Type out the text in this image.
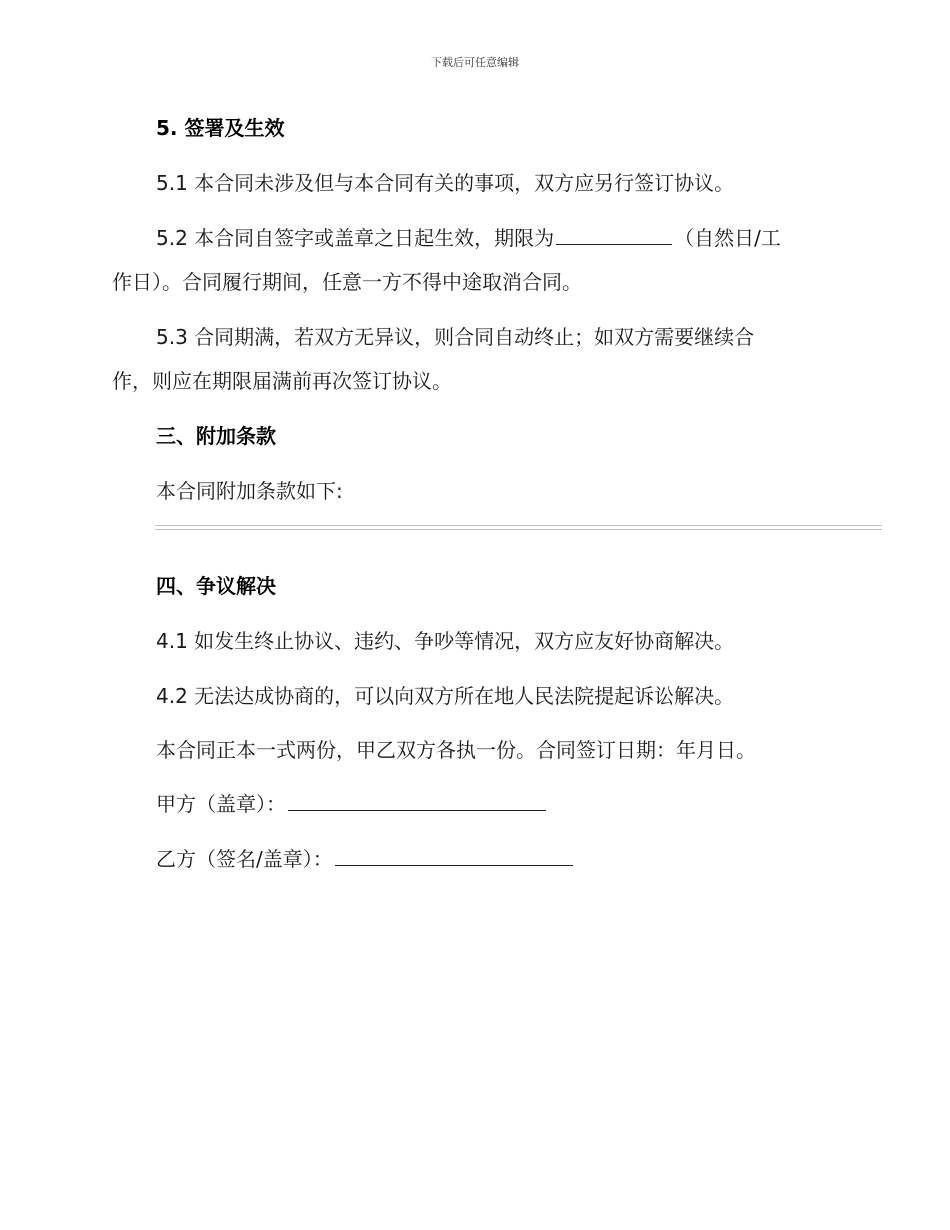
下载后可任意编辑
5. 签署及生效
5.1 本合同未涉及但与本合同有关的事项，双方应另行签订协议。
5.2 本合同自签字或盖章之日起生效，期限为	（自然日/工
作日）。合同履行期间，任意一方不得中途取消合同。
5.3 合同期满，若双方无异议，则合同自动终止；如双方需要继续合
作，则应在期限届满前再次签订协议。
三、附加条款
本合同附加条款如下:
四、争议解决
4.1 如发生终止协议、违约、争吵等情况，双方应友好协商解决。
4.2 无法达成协商的，可以向双方所在地人民法院提起诉讼解决。
本合同正本一式两份，甲乙双方各执一份。合同签订日期：年月日。
甲方（盖章）：
乙方（签名/盖章）：
